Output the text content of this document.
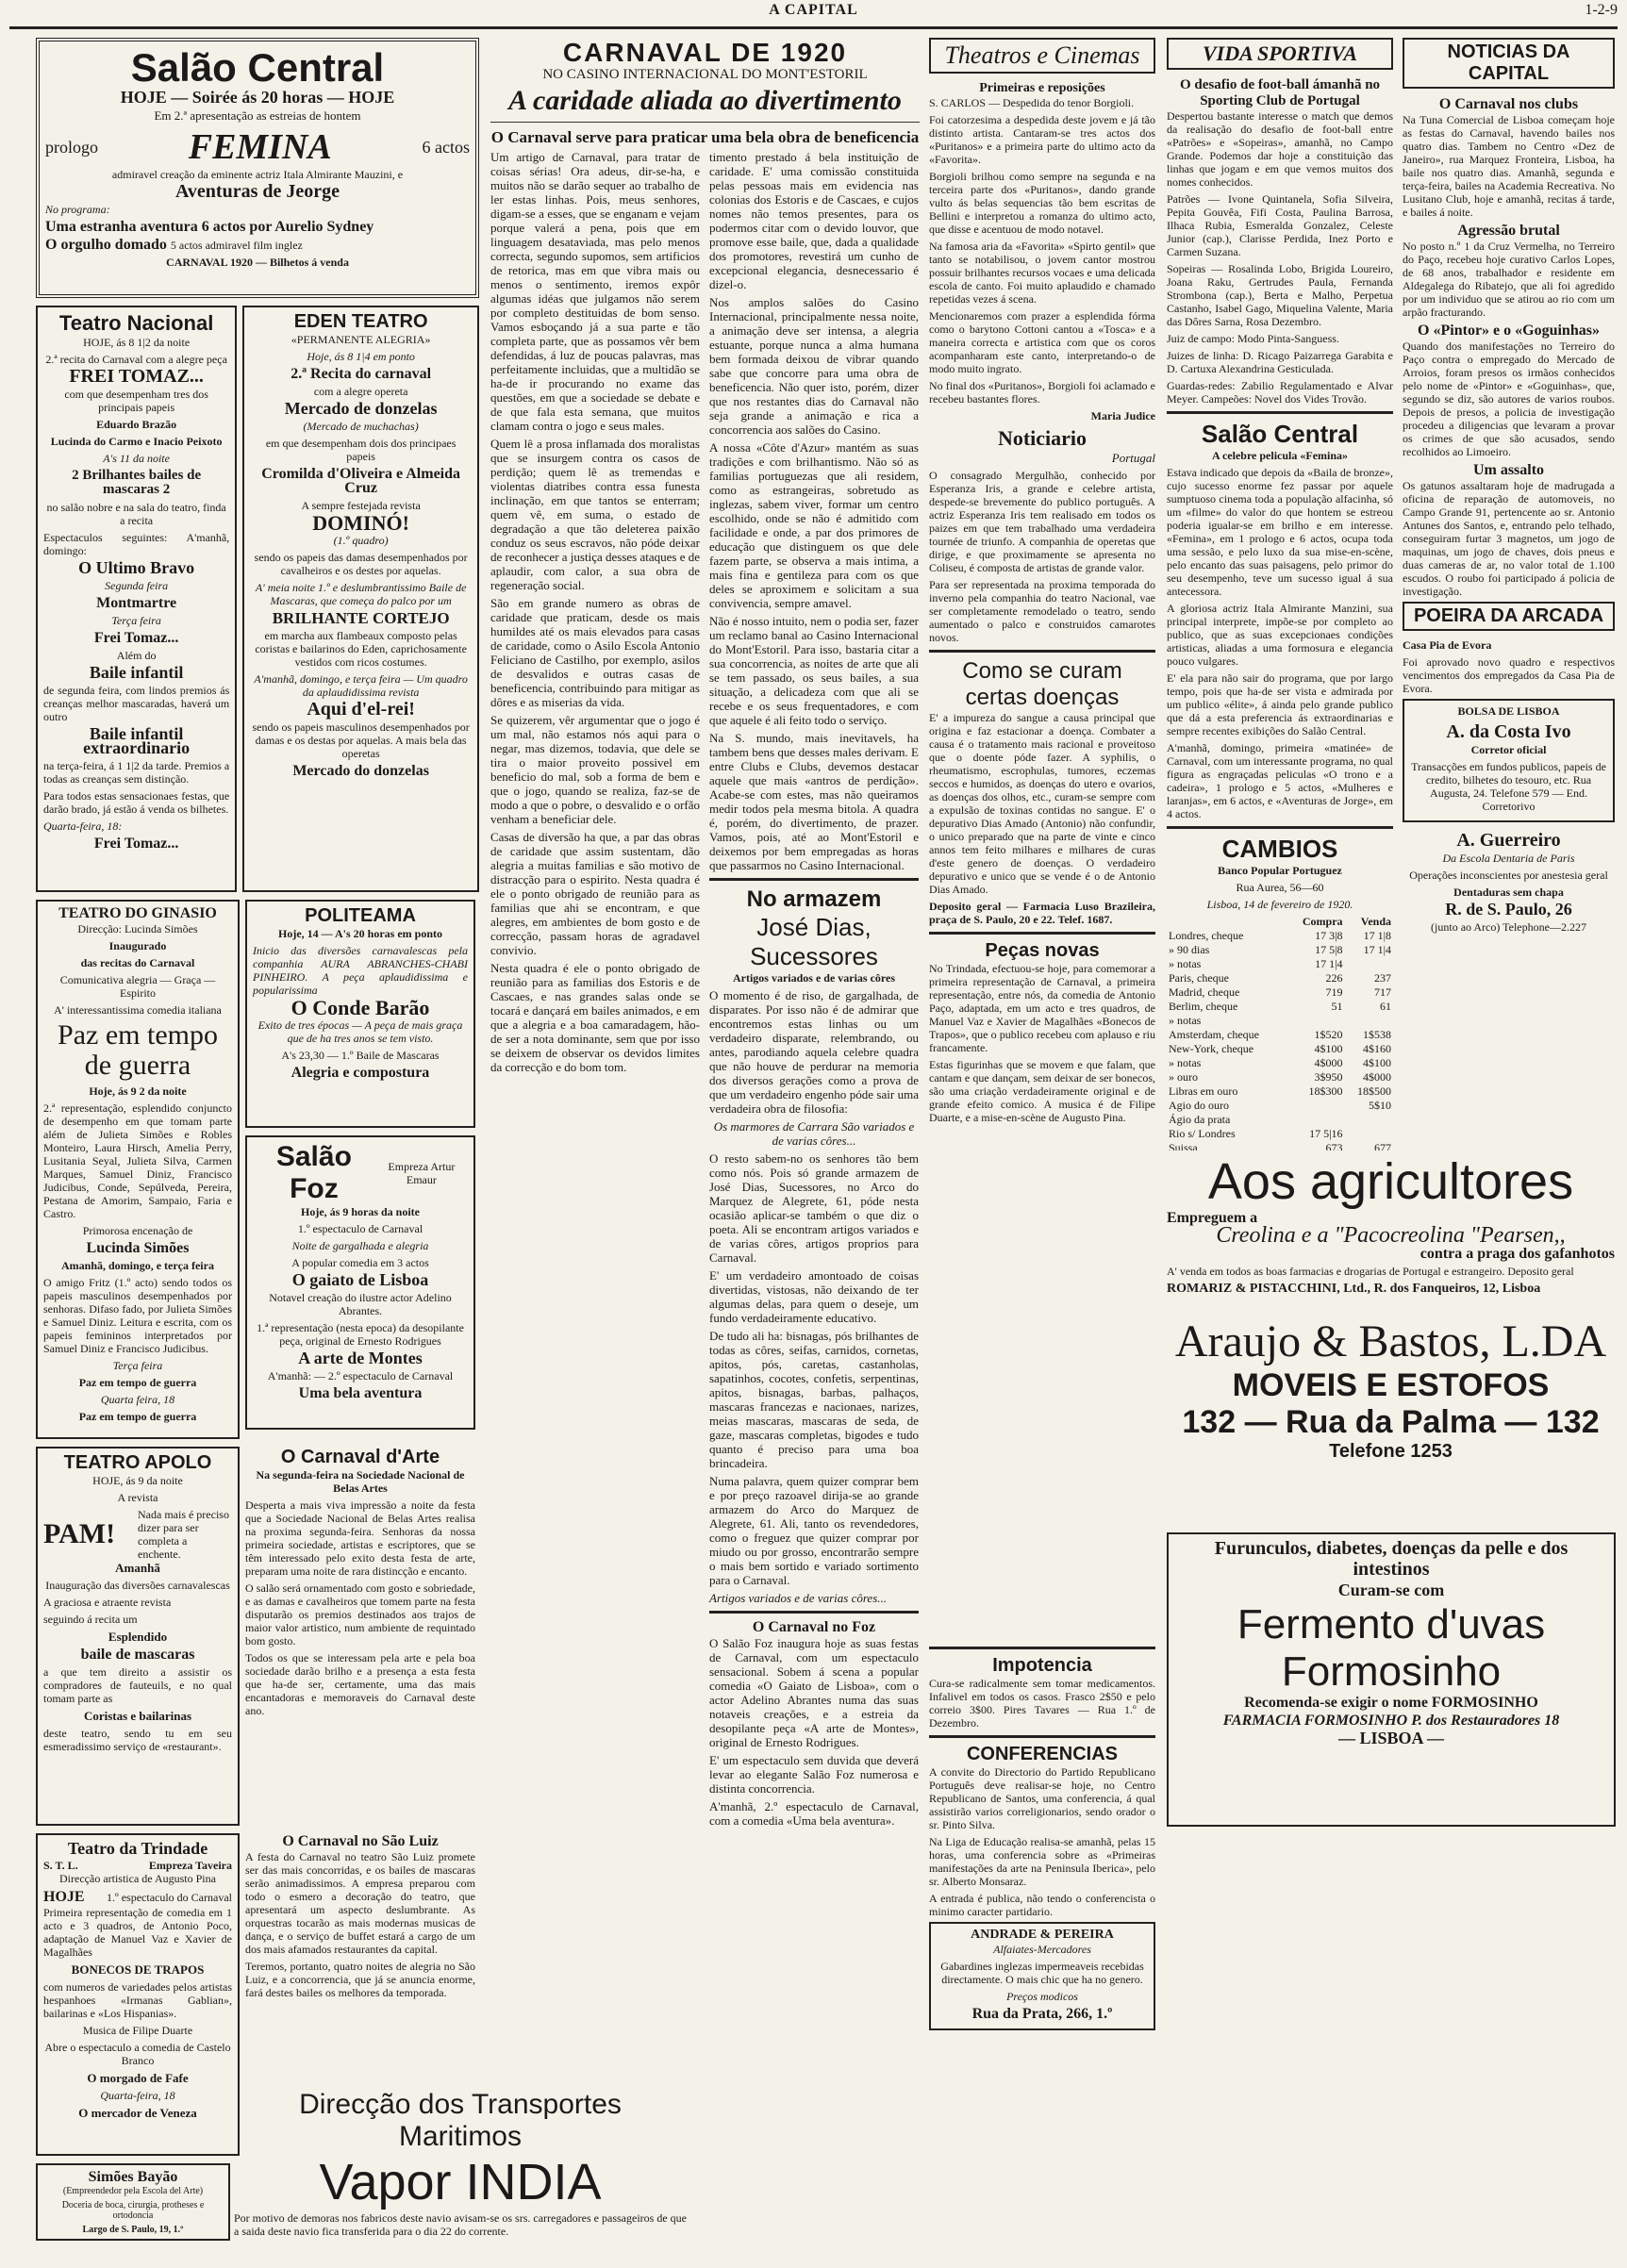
A CAPITAL	1-2-9
Salão Central

HOJE — Soirée ás 20 horas — HOJE

Em 2.ª apresentação as estreias de hontem

prologo	FEMINA	6 actos

admiravel creação da eminente actriz Itala Almirante Mauzini, e

Aventuras de Jeorge

No programa:

Uma estranha aventura 6 actos por Aurelio Sydney

O orgulho domado 5 actos admiravel film inglez

CARNAVAL 1920 — Bilhetos á venda

Teatro Nacional

HOJE, ás 8 1|2 da noite

2.ª recita do Carnaval com a alegre peça

FREI TOMAZ...

com que desempenham tres dos principais papeis

Eduardo Brazão

Lucinda do Carmo e Inacio Peixoto

A's 11 da noite

2 Brilhantes bailes de mascaras 2

no salão nobre e na sala do teatro, finda a recita

Espectaculos seguintes: A'manhã, domingo:

O Ultimo Bravo

Segunda feira

Montmartre

Terça feira

Frei Tomaz...

Além do

Baile infantil

de segunda feira, com lindos premios ás creanças melhor mascaradas, haverá um outro

Baile infantil extraordinario

na terça-feira, á 1 1|2 da tarde. Premios a todas as creanças sem distinção.

Para todos estas sensacionaes festas, que darão brado, já estão á venda os bilhetes.

Quarta-feira, 18:

Frei Tomaz...

EDEN TEATRO

«PERMANENTE ALEGRIA»

Hoje, ás 8 1|4 em ponto

2.ª Recita do carnaval

com a alegre opereta

Mercado de donzelas

(Mercado de muchachas)

em que desempenham dois dos principaes papeis

Cromilda d'Oliveira e Almeida Cruz

A sempre festejada revista

DOMINÓ!

(1.º quadro)

sendo os papeis das damas desempenhados por cavalheiros e os destes por aquelas.

A' meia noite 1.º e deslumbrantissimo Baile de Mascaras, que começa do palco por um

BRILHANTE CORTEJO

em marcha aux flambeaux composto pelas coristas e bailarinos do Eden, caprichosamente vestidos com ricos costumes.

A'manhã, domingo, e terça feira — Um quadro da aplaudidissima revista

Aqui d'el-rei!

sendo os papeis masculinos desempenhados por damas e os destas por aquelas. A mais bela das operetas

Mercado do donzelas

TEATRO DO GINASIO

Direcção: Lucinda Simões

Inaugurado

das recitas do Carnaval

Comunicativa alegria — Graça — Espirito

A' interessantissima comedia italiana

Paz em tempo de guerra

Hoje, ás 9 2 da noite

2.ª representação, esplendido conjuncto de desempenho em que tomam parte além de Julieta Simões e Robles Monteiro, Laura Hirsch, Amelia Perry, Lusitania Seyal, Julieta Silva, Carmen Marques, Samuel Diniz, Francisco Judicibus, Conde, Sepúlveda, Pereira, Pestana de Amorim, Sampaio, Faria e Castro.

Primorosa encenação de

Lucinda Simões

Amanhã, domingo, e terça feira

O amigo Fritz (1.º acto) sendo todos os papeis masculinos desempenhados por senhoras. Difaso fado, por Julieta Simões e Samuel Diniz. Leitura e escrita, com os papeis femininos interpretados por Samuel Diniz e Francisco Judicibus.

Terça feira

Paz em tempo de guerra

Quarta feira, 18

Paz em tempo de guerra

POLITEAMA

Hoje, 14 — A's 20 horas em ponto

Inicio das diversões carnavalescas pela companhia AURA ABRANCHES-CHABI PINHEIRO. A peça aplaudidissima e popularissima

O Conde Barão

Exito de tres épocas — A peça de mais graça que de ha tres anos se tem visto.

A's 23,30 — 1.º Baile de Mascaras

Alegria e compostura

Salão Foz
Empreza Artur Emaur

Hoje, ás 9 horas da noite

1.º espectaculo de Carnaval

Noite de gargalhada e alegria

A popular comedia em 3 actos

O gaiato de Lisboa

Notavel creação do ilustre actor Adelino Abrantes.

1.ª representação (nesta epoca) da desopilante peça, original de Ernesto Rodrigues

A arte de Montes

A'manhã: — 2.º espectaculo de Carnaval

Uma bela aventura

TEATRO APOLO

HOJE, ás 9 da noite

A revista

PAM!
Nada mais é preciso dizer para ser completa a enchente.

Amanhã

Inauguração das diversões carnavalescas

A graciosa e atraente revista

seguindo á recita um

Esplendido

baile de mascaras

a que tem direito a assistir os compradores de fauteuils, e no qual tomam parte as

Coristas e bailarinas

deste teatro, sendo tu em seu esmeradissimo serviço de «restaurant».

O Carnaval d'Arte

Na segunda-feira na Sociedade Nacional de Belas Artes

Desperta a mais viva impressão a noite da festa que a Sociedade Nacional de Belas Artes realisa na proxima segunda-feira. Senhoras da nossa primeira sociedade, artistas e escriptores, que se têm interessado pelo exito desta festa de arte, preparam uma noite de rara distincção e encanto.

O salão será ornamentado com gosto e sobriedade, e as damas e cavalheiros que tomem parte na festa disputarão os premios destinados aos trajos de maior valor artistico, num ambiente de requintado bom gosto.

Todos os que se interessam pela arte e pela boa sociedade darão brilho e a presença a esta festa que ha-de ser, certamente, uma das mais encantadoras e memoraveis do Carnaval deste ano.

Teatro da Trindade
S. T. L.	Empreza Taveira

Direcção artistica de Augusto Pina

HOJE 1.º espectaculo do Carnaval

Primeira representação de comedia em 1 acto e 3 quadros, de Antonio Poco, adaptação de Manuel Vaz e Xavier de Magalhães

BONECOS DE TRAPOS

com numeros de variedades pelos artistas hespanhoes «Irmanas Gablian», bailarinas e «Los Hispanias».

Musica de Filipe Duarte

Abre o espectaculo a comedia de Castelo Branco

O morgado de Fafe

Quarta-feira, 18

O mercador de Veneza

O Carnaval no São Luiz

A festa do Carnaval no teatro São Luiz promete ser das mais concorridas, e os bailes de mascaras serão animadissimos. A empresa preparou com todo o esmero a decoração do teatro, que apresentará um aspecto deslumbrante. As orquestras tocarão as mais modernas musicas de dança, e o serviço de buffet estará a cargo de um dos mais afamados restaurantes da capital.

Teremos, portanto, quatro noites de alegria no São Luiz, e a concorrencia, que já se anuncia enorme, fará destes bailes os melhores da temporada.

Simões Bayão

(Empreendedor pela Escola del Arte)

Doceria de boca, cirurgia, protheses e ortodoncia

Largo de S. Paulo, 19, 1.º

Direcção dos Transportes Maritimos
Vapor INDIA

Por motivo de demoras nos fabricos deste navio avisam-se os srs. carregadores e passageiros de que a saida deste navio fica transferida para o dia 22 do corrente.

CARNAVAL DE 1920

NO CASINO INTERNACIONAL DO MONT'ESTORIL

A caridade aliada ao divertimento

O Carnaval serve para praticar uma bela obra de beneficencia

Um artigo de Carnaval, para tratar de coisas sérias! Ora adeus, dir-se-ha, e muitos não se darão sequer ao trabalho de ler estas linhas. Pois, meus senhores, digam-se a esses, que se enganam e vejam porque valerá a pena, pois que em linguagem desataviada, mas pelo menos correcta, segundo supomos, sem artificios de retorica, mas em que vibra mais ou menos o sentimento, iremos expôr algumas idéas que julgamos não serem por completo destituidas de bom senso. Vamos esboçando já a sua parte e tão completa parte, que as possamos vêr bem defendidas, á luz de poucas palavras, mas perfeitamente incluidas, que a multidão se ha-de ir procurando no exame das questões, em que a sociedade se debate e de que fala esta semana, que muitos clamam contra o jogo e seus males.

Quem lê a prosa inflamada dos moralistas que se insurgem contra os casos de perdição; quem lê as tremendas e violentas diatribes contra essa funesta inclinação, em que tantos se enterram; quem vê, em suma, o estado de degradação a que tão deleterea paixão conduz os seus escravos, não póde deixar de reconhecer a justiça desses ataques e de aplaudir, com calor, a sua obra de regeneração social.

São em grande numero as obras de caridade que praticam, desde os mais humildes até os mais elevados para casas de caridade, como o Asilo Escola Antonio Feliciano de Castilho, por exemplo, asilos de desvalidos e outras casas de beneficencia, contribuindo para mitigar as dôres e as miserias da vida.

Se quizerem, vêr argumentar que o jogo é um mal, não estamos nós aqui para o negar, mas dizemos, todavia, que dele se tira o maior proveito possivel em beneficio do mal, sob a forma de bem e que o jogo, quando se realiza, faz-se de modo a que o pobre, o desvalido e o orfão venham a beneficiar dele.

Casas de diversão ha que, a par das obras de caridade que assim sustentam, dão alegria a muitas familias e são motivo de distracção para o espirito. Nesta quadra é ele o ponto obrigado de reunião para as familias que ahi se encontram, e que alegres, em ambientes de bom gosto e de correcção, passam horas de agradavel convivio.

Nesta quadra é ele o ponto obrigado de reunião para as familias dos Estoris e de Cascaes, e nas grandes salas onde se tocará e dançará em bailes animados, e em que a alegria e a boa camaradagem, hão-de ser a nota dominante, sem que por isso se deixem de observar os devidos limites da correcção e do bom tom.

timento prestado á bela instituição de caridade. E' uma comissão constituida pelas pessoas mais em evidencia nas colonias dos Estoris e de Cascaes, e cujos nomes não temos presentes, para os podermos citar com o devido louvor, que promove esse baile, que, dada a qualidade dos promotores, revestirá um cunho de excepcional elegancia, desnecessario é dizel-o.

Nos amplos salões do Casino Internacional, principalmente nessa noite, a animação deve ser intensa, a alegria estuante, porque nunca a alma humana bem formada deixou de vibrar quando sabe que concorre para uma obra de beneficencia. Não quer isto, porém, dizer que nos restantes dias do Carnaval não seja grande a animação e rica a concorrencia aos salões do Casino.

A nossa «Côte d'Azur» mantém as suas tradições e com brilhantismo. Não só as familias portuguezas que ali residem, como as estrangeiras, sobretudo as inglezas, sabem viver, formar um centro escolhido, onde se não é admitido com facilidade e onde, a par dos primores de educação que distinguem os que dele fazem parte, se observa a mais intima, a mais fina e gentileza para com os que deles se aproximem e solicitam a sua convivencia, sempre amavel.

Não é nosso intuito, nem o podia ser, fazer um reclamo banal ao Casino Internacional do Mont'Estoril. Para isso, bastaria citar a sua concorrencia, as noites de arte que ali se tem passado, os seus bailes, a sua situação, a delicadeza com que ali se recebe e os seus frequentadores, e com que aquele é ali feito todo o serviço.

Na S. mundo, mais inevitavels, ha tambem bens que desses males derivam. E entre Clubs e Clubs, devemos destacar aquele que mais «antros de perdição». Acabe-se com estes, mas não queiramos medir todos pela mesma bitola. A quadra é, porém, do divertimento, de prazer. Vamos, pois, até ao Mont'Estoril e deixemos por bem empregadas as horas que passarmos no Casino Internacional.

No armazem
José Dias, Sucessores

Artigos variados e de varias côres

O momento é de riso, de gargalhada, de disparates. Por isso não é de admirar que encontremos estas linhas ou um verdadeiro disparate, relembrando, ou antes, parodiando aquela celebre quadra que não houve de perdurar na memoria dos diversos gerações como a prova de que um verdadeiro engenho póde sair uma verdadeira obra de filosofia:

Os marmores de Carrara São variados e de varias côres...

O resto sabem-no os senhores tão bem como nós. Pois só grande armazem de José Dias, Sucessores, no Arco do Marquez de Alegrete, 61, póde nesta ocasião aplicar-se também o que diz o poeta. Ali se encontram artigos variados e de varias côres, artigos proprios para Carnaval.

E' um verdadeiro amontoado de coisas divertidas, vistosas, não deixando de ter algumas delas, para quem o deseje, um fundo verdadeiramente educativo.

De tudo ali ha: bisnagas, pós brilhantes de todas as côres, seifas, carnidos, cornetas, apitos, pós, caretas, castanholas, sapatinhos, cocotes, confetis, serpentinas, apitos, bisnagas, barbas, palhaços, mascaras francezas e nacionaes, narizes, meias mascaras, mascaras de seda, de gaze, mascaras completas, bigodes e tudo quanto é preciso para uma boa brincadeira.

Numa palavra, quem quizer comprar bem e por preço razoavel dirija-se ao grande armazem do Arco do Marquez de Alegrete, 61. Ali, tanto os revendedores, como o freguez que quizer comprar por miudo ou por grosso, encontrarão sempre o mais bem sortido e variado sortimento para o Carnaval.

Artigos variados e de varias côres...

O Carnaval no Foz

O Salão Foz inaugura hoje as suas festas de Carnaval, com um espectaculo sensacional. Sobem á scena a popular comedia «O Gaiato de Lisboa», com o actor Adelino Abrantes numa das suas notaveis creações, e a estreia da desopilante peça «A arte de Montes», original de Ernesto Rodrigues.

E' um espectaculo sem duvida que deverá levar ao elegante Salão Foz numerosa e distinta concorrencia.

A'manhã, 2.º espectaculo de Carnaval, com a comedia «Uma bela aventura».

Theatros e Cinemas
Primeiras e reposições

S. CARLOS — Despedida do tenor Borgioli.

Foi catorzesima a despedida deste jovem e já tão distinto artista. Cantaram-se tres actos dos «Puritanos» e a primeira parte do ultimo acto da «Favorita».

Borgioli brilhou como sempre na segunda e na terceira parte dos «Puritanos», dando grande vulto ás belas sequencias tão bem escritas de Bellini e interpretou a romanza do ultimo acto, que disse e acentuou de modo notavel.

Na famosa aria da «Favorita» «Spirto gentil» que tanto se notabilisou, o jovem cantor mostrou possuir brilhantes recursos vocaes e uma delicada escola de canto. Foi muito aplaudido e chamado repetidas vezes á scena.

Mencionaremos com prazer a esplendida fórma como o barytono Cottoni cantou a «Tosca» e a maneira correcta e artistica com que os coros acompanharam este canto, interpretando-o de modo muito ingrato.

No final dos «Puritanos», Borgioli foi aclamado e recebeu bastantes flores.

Maria Judice

Noticiario

Portugal

O consagrado Mergulhão, conhecido por Esperanza Iris, a grande e celebre artista, despede-se brevemente do publico português. A actriz Esperanza Iris tem realisado em todos os paizes em que tem trabalhado uma verdadeira tournée de triunfo. A companhia de operetas que dirige, e que proximamente se apresenta no Coliseu, é composta de artistas de grande valor.

Para ser representada na proxima temporada do inverno pela companhia do teatro Nacional, vae ser completamente remodelado o teatro, sendo aumentado o palco e construidos camarotes novos.

Como se curam certas doenças

E' a impureza do sangue a causa principal que origina e faz estacionar a doença. Combater a causa é o tratamento mais racional e proveitoso que o doente póde fazer. A syphilis, o rheumatismo, escrophulas, tumores, eczemas seccos e humidos, as doenças do utero e ovarios, as doenças dos olhos, etc., curam-se sempre com a expulsão de toxinas contidas no sangue. E' o depurativo Dias Amado (Antonio) não confundir, o unico preparado que na parte de vinte e cinco annos tem feito milhares e milhares de curas d'este genero de doenças. O verdadeiro depurativo e unico que se vende é o de Antonio Dias Amado.

Deposito geral — Farmacia Luso Brazileira, praça de S. Paulo, 20 e 22. Telef. 1687.

Peças novas

No Trindada, efectuou-se hoje, para comemorar a primeira representação de Carnaval, a primeira representação, entre nós, da comedia de Antonio Paço, adaptada, em um acto e tres quadros, de Manuel Vaz e Xavier de Magalhães «Bonecos de Trapos», que o publico recebeu com aplauso e riu francamente.

Estas figurinhas que se movem e que falam, que cantam e que dançam, sem deixar de ser bonecos, são uma criação verdadeiramente original e de grande efeito comico. A musica é de Filipe Duarte, e a mise-en-scène de Augusto Pina.

VIDA SPORTIVA
O desafio de foot-ball ámanhã no Sporting Club de Portugal

Despertou bastante interesse o match que demos da realisação do desafio de foot-ball entre «Patrões» e «Sopeiras», amanhã, no Campo Grande. Podemos dar hoje a constituição das linhas que jogam e em que vemos muitos dos nomes conhecidos.

Patrões — Ivone Quintanela, Sofia Silveira, Pepita Gouvêa, Fifi Costa, Paulina Barrosa, Ilhaca Rubia, Esmeralda Gonzalez, Celeste Junior (cap.), Clarisse Perdida, Inez Porto e Carmen Suzana.

Sopeiras — Rosalinda Lobo, Brigida Loureiro, Joana Raku, Gertrudes Paula, Fernanda Strombona (cap.), Berta e Malho, Perpetua Castanho, Isabel Gago, Miquelina Valente, Maria das Dôres Sarna, Rosa Dezembro.

Juiz de campo: Modo Pinta-Sanguess.

Juizes de linha: D. Ricago Paizarrega Garabita e D. Cartuxa Alexandrina Gesticulada.

Guardas-redes: Zabilio Regulamentado e Alvar Meyer. Campeões: Novel dos Vides Trovão.

Salão Central

A celebre pelicula «Femina»

Estava indicado que depois da «Baila de bronze», cujo sucesso enorme fez passar por aquele sumptuoso cinema toda a população alfacinha, só um «filme» do valor do que hontem se estreou poderia igualar-se em brilho e em interesse. «Femina», em 1 prologo e 6 actos, ocupa toda uma sessão, e pelo luxo da sua mise-en-scène, pelo encanto das suas paisagens, pelo primor do seu desempenho, teve um sucesso igual á sua antecessora.

A gloriosa actriz Itala Almirante Manzini, sua principal interprete, impõe-se por completo ao publico, que as suas excepcionaes condições artisticas, aliadas a uma formosura e elegancia pouco vulgares.

E' ela para não sair do programa, que por largo tempo, pois que ha-de ser vista e admirada por um publico «élite», á ainda pelo grande publico que dá a esta preferencia ás extraordinarias e sempre recentes exibições do Salão Central.

A'manhã, domingo, primeira «matinée» de Carnaval, com um interessante programa, no qual figura as engraçadas peliculas «O trono e a cadeira», 1 prologo e 5 actos, «Mulheres e laranjas», em 6 actos, e «Aventuras de Jorge», em 4 actos.

CAMBIOS

Banco Popular Portuguez

Rua Aurea, 56—60

Lisboa, 14 de fevereiro de 1920.

	Compra	Venda
Londres, cheque	17 3|8	17 1|8
» 90 dias	17 5|8	17 1|4
» notas	17 1|4	
Paris, cheque	226	237
Madrid, cheque	719	717
Berlim, cheque	51	61
» notas		
Amsterdam, cheque	1$520	1$538
New-York, cheque	4$100	4$160
» notas	4$000	4$100
» ouro	3$950	4$000
Libras em ouro	18$300	18$500
Agio do ouro		5$10
Ágio da prata		
Rio s/ Londres	17 5|16	
Suissa	673	677

NOTICIAS DA CAPITAL
O Carnaval nos clubs

Na Tuna Comercial de Lisboa começam hoje as festas do Carnaval, havendo bailes nos quatro dias. Tambem no Centro «Dez de Janeiro», rua Marquez Fronteira, Lisboa, ha baile nos quatro dias. Amanhã, segunda e terça-feira, bailes na Academia Recreativa. No Lusitano Club, hoje e amanhã, recitas á tarde, e bailes á noite.

Agressão brutal

No posto n.º 1 da Cruz Vermelha, no Terreiro do Paço, recebeu hoje curativo Carlos Lopes, de 68 anos, trabalhador e residente em Aldegalega do Ribatejo, que ali foi agredido por um individuo que se atirou ao rio com um arpão fracturando.

O «Pintor» e o «Goguinhas»

Quando dos manifestações no Terreiro do Paço contra o empregado do Mercado de Arroios, foram presos os irmãos conhecidos pelo nome de «Pintor» e «Goguinhas», que, segundo se diz, são autores de varios roubos. Depois de presos, a policia de investigação procedeu a diligencias que levaram a provar os crimes de que são acusados, sendo recolhidos ao Limoeiro.

Um assalto

Os gatunos assaltaram hoje de madrugada a oficina de reparação de automoveis, no Campo Grande 91, pertencente ao sr. Antonio Antunes dos Santos, e, entrando pelo telhado, conseguiram furtar 3 magnetos, um jogo de maquinas, um jogo de chaves, dois pneus e duas cameras de ar, no valor total de 1.100 escudos. O roubo foi participado á policia de investigação.

POEIRA DA ARCADA

Casa Pia de Evora

Foi aprovado novo quadro e respectivos vencimentos dos empregados da Casa Pia de Evora.

BOLSA DE LISBOA

A. da Costa Ivo

Corretor oficial

Transacções em fundos publicos, papeis de credito, bilhetes do tesouro, etc. Rua Augusta, 24. Telefone 579 — End. Corretorivo

A. Guerreiro

Da Escola Dentaria de Paris

Operações inconscientes por anestesia geral

Dentaduras sem chapa

R. de S. Paulo, 26

(junto ao Arco) Telephone—2.227

Aos agricultores

Empreguem a

Creolina e a "Pacocreolina "Pearsen,,

contra a praga dos gafanhotos

A' venda em todos as boas farmacias e drogarias de Portugal e estrangeiro. Deposito geral

ROMARIZ & PISTACCHINI, Ltd., R. dos Fanqueiros, 12, Lisboa

Araujo & Bastos, L.DA
MOVEIS E ESTOFOS
132 — Rua da Palma — 132
Telefone 1253

Furunculos, diabetes, doenças da pelle e dos intestinos

Curam-se com

Fermento d'uvas Formosinho

Recomenda-se exigir o nome FORMOSINHO

FARMACIA FORMOSINHO P. dos Restauradores 18

— LISBOA —

Impotencia

Cura-se radicalmente sem tomar medicamentos. Infalivel em todos os casos. Frasco 2$50 e pelo correio 3$00. Pires Tavares — Rua 1.º de Dezembro.

CONFERENCIAS

A convite do Directorio do Partido Republicano Português deve realisar-se hoje, no Centro Republicano de Santos, uma conferencia, á qual assistirão varios correligionarios, sendo orador o sr. Pinto Silva.

Na Liga de Educação realisa-se amanhã, pelas 15 horas, uma conferencia sobre as «Primeiras manifestações da arte na Peninsula Iberica», pelo sr. Alberto Monsaraz.

A entrada é publica, não tendo o conferencista o minimo caracter partidario.

ANDRADE & PEREIRA

Alfaiates-Mercadores

Gabardines inglezas impermeaveis recebidas directamente. O mais chic que ha no genero.

Preços modicos

Rua da Prata, 266, 1.º
